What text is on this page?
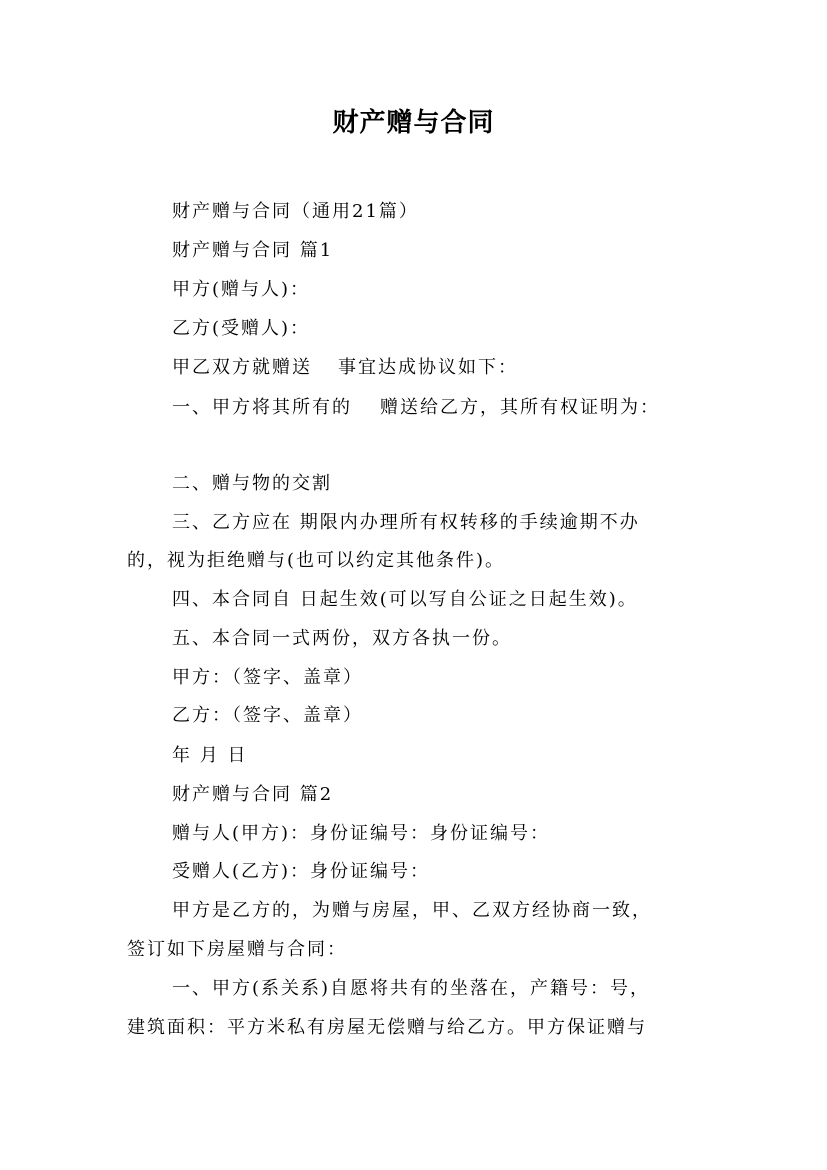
财产赠与合同
财产赠与合同（通用21篇）
财产赠与合同 篇1
甲方(赠与人)：
乙方(受赠人)：
甲乙双方就赠送 事宜达成协议如下：
一、甲方将其所有的 赠送给乙方，其所有权证明为：
二、赠与物的交割
三、乙方应在 期限内办理所有权转移的手续逾期不办
的，视为拒绝赠与(也可以约定其他条件)。
四、本合同自 日起生效(可以写自公证之日起生效)。
五、本合同一式两份，双方各执一份。
甲方：（签字、盖章）
乙方：（签字、盖章）
年 月 日
财产赠与合同 篇2
赠与人(甲方)：身份证编号：身份证编号：
受赠人(乙方)：身份证编号：
甲方是乙方的，为赠与房屋，甲、乙双方经协商一致，
签订如下房屋赠与合同：
一、甲方(系关系)自愿将共有的坐落在，产籍号：号，
建筑面积：平方米私有房屋无偿赠与给乙方。甲方保证赠与
